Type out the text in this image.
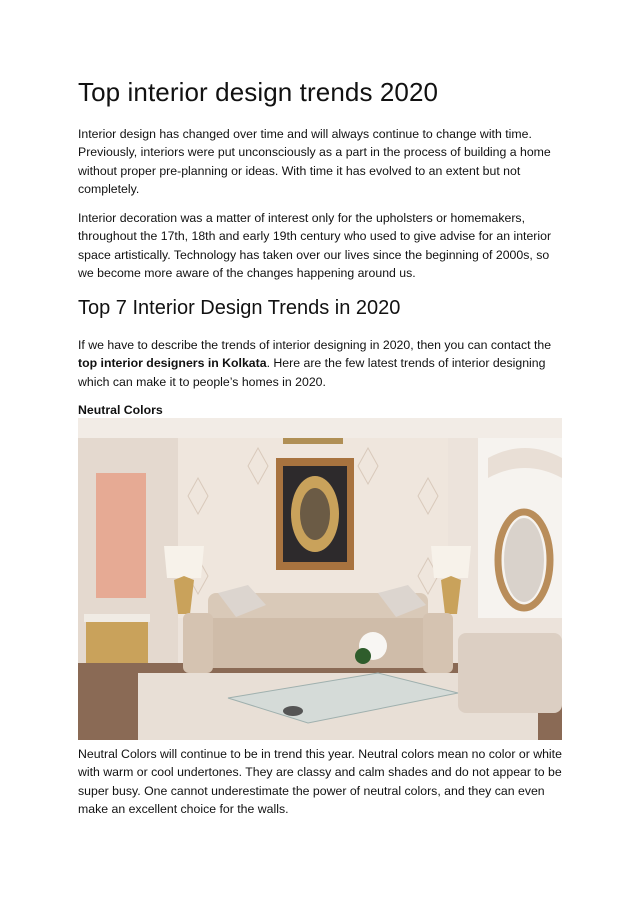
Top interior design trends 2020

Interior design has changed over time and will always continue to change with time. Previously, interiors were put unconsciously as a part in the process of building a home without proper pre-planning or ideas. With time it has evolved to an extent but not completely.

Interior decoration was a matter of interest only for the upholsters or homemakers, throughout the 17th, 18th and early 19th century who used to give advise for an interior space artistically. Technology has taken over our lives since the beginning of 2000s, so we become more aware of the changes happening around us.

Top 7 Interior Design Trends in 2020

If we have to describe the trends of interior designing in 2020, then you can contact the top interior designers in Kolkata. Here are the few latest trends of interior designing which can make it to people’s homes in 2020.

Neutral Colors

Neutral Colors will continue to be in trend this year. Neutral colors mean no color or white with warm or cool undertones. They are classy and calm shades and do not appear to be super busy. One cannot underestimate the power of neutral colors, and they can even make an excellent choice for the walls.
